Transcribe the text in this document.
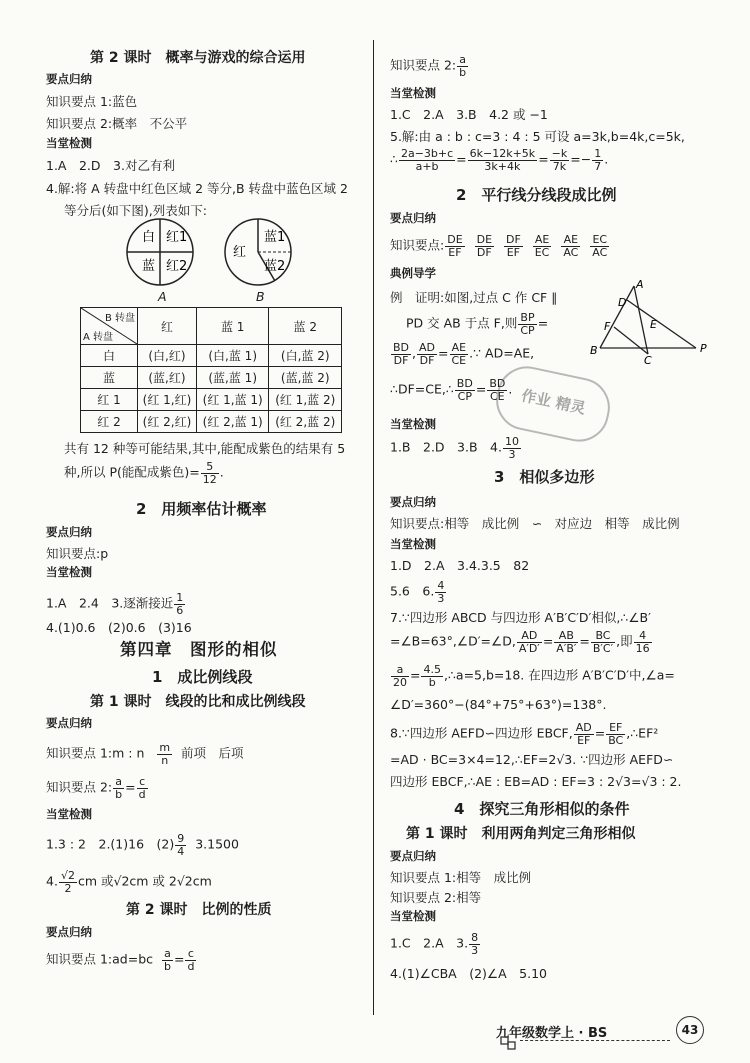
第 2 课时　概率与游戏的综合运用
要点归纳
知识要点 1:蓝色
知识要点 2:概率　不公平
当堂检测
1.A　2.D　3.对乙有利
4.解:将 A 转盘中红色区域 2 等分,B 转盘中蓝色区域 2
等分后(如下图),列表如下:
白 红1
蓝 红2
红
蓝1
蓝2
A	B
B 转盘
A 转盘	红	蓝 1	蓝 2
白	(白,红)	(白,蓝 1)	(白,蓝 2)
蓝	(蓝,红)	(蓝,蓝 1)	(蓝,蓝 2)
红 1	(红 1,红)	(红 1,蓝 1)	(红 1,蓝 2)
红 2	(红 2,红)	(红 2,蓝 1)	(红 2,蓝 2)
共有 12 种等可能结果,其中,能配成紫色的结果有 5
种,所以 P(能配成紫色)= $\frac{5}{12}$ .
2　用频率估计概率
要点归纳
知识要点:p
当堂检测
1.A　2.4　3.逐渐接近 $\frac{1}{6}$
4.(1)0.6　(2)0.6　(3)16
第四章　图形的相似
1　成比例线段
第 1 课时　线段的比和成比例线段
要点归纳
知识要点 1:m : n $\frac{m}{n}$ 前项　后项
知识要点 2: $\frac{a}{b} = \frac{c}{d}$
当堂检测
1.3 : 2　2.(1)16　$(2) \frac{9}{4} 3.1500$
4. $\frac{√2}{2}$ cm 或√2cm 或 2√2cm
第 2 课时　比例的性质
要点归纳
知识要点 1:ad=bc $\frac{a}{b} = \frac{c}{d}$
知识要点 2: $\frac{a}{b}$
当堂检测
1.C　2.A　3.B　4.2 或 −1
5.解:由 a : b : c=3 : 4 : 5 可设 a=3k,b=4k,c=5k,
∴ $\frac{2a-3b+c}{a+b} = \frac{6k-12k+5k}{3k+4k} = \frac{-k}{7k} =- \frac{1}{7}$ .
2　平行线分线段成比例
要点归纳
知识要点: $\frac{DE}{EF}$
$\frac{DE}{DF}$
$\frac{DF}{EF}$
$\frac{AE}{EC}$
$\frac{AE}{AC}$
$\frac{EC}{AC}$
典例导学
例　证明:如图,过点 C 作 CF ∥
PD 交 AB 于点 F,则 $\frac{BP}{CP}$ =
$\frac{BD}{DF}$ , $\frac{AD}{DF} = \frac{AE}{CE}$ .∵ AD=AE,
∴DF=CE,∴ $\frac{BD}{CP} = \frac{BD}{CE}$ .
A
D
F	E
B
C
P
作业 精灵
当堂检测
1.B　2.D　3.B　4. $\frac{10}{3}$
3　相似多边形
要点归纳
知识要点:相等　成比例　∽　对应边　相等　成比例
当堂检测
1.D　2.A　3.4.3.5　82
5.6　6. $\frac{4}{3}$
7.∵四边形 ABCD 与四边形 A′B′C′D′相似,∴∠B′
=∠B=63°,∠D′=∠D, $\frac{AD}{A'D'} = \frac{AB}{A'B'} = \frac{BC}{B'C'}$ ,即 $\frac{4}{16}$
$\frac{a}{20} = \frac{4.5}{b}$ ,∴a=5,b=18. 在四边形 A′B′C′D′中,∠a=
∠D′=360°−(84°+75°+63°)=138°.
8.∵四边形 AEFD∽四边形 EBCF, $\frac{AD}{EF} = \frac{EF}{BC}$ ,∴EF²
=AD · BC=3×4=12,∴EF=2√3. ∵四边形 AEFD∽
四边形 EBCF,∴AE : EB=AD : EF=3 : 2√3=√3 : 2.
4　探究三角形相似的条件
第 1 课时　利用两角判定三角形相似
要点归纳
知识要点 1:相等　成比例
知识要点 2:相等
当堂检测
1.C　2.A　3. $\frac{8}{3}$
4.(1)∠CBA　(2)∠A　5.10
九年级数学上 · BS	43
